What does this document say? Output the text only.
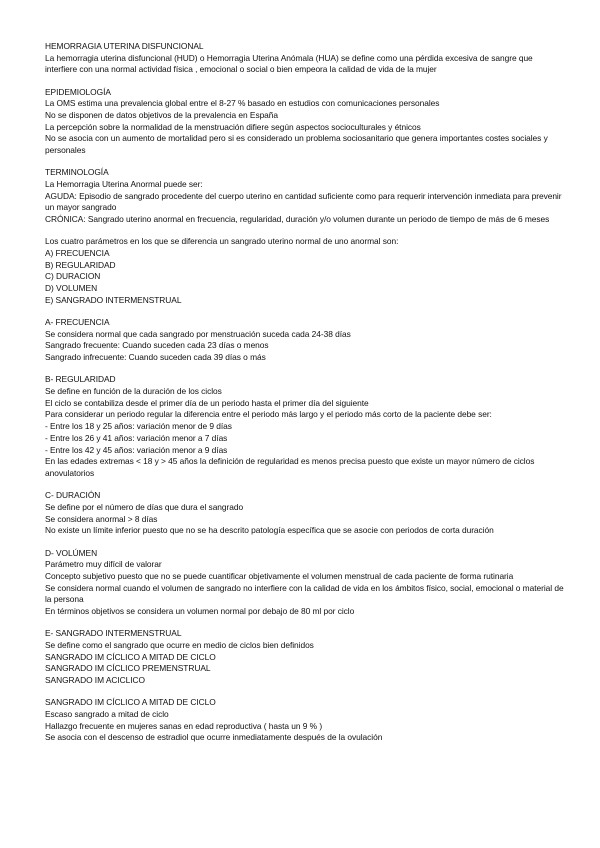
HEMORRAGIA UTERINA DISFUNCIONAL
La hemorragia uterina disfuncional (HUD) o Hemorragia Uterina Anómala (HUA) se define como una pérdida excesiva de sangre que interfiere con una normal actividad física , emocional o social o bien empeora la calidad de vida de la mujer
EPIDEMIOLOGÍA
La OMS estima una prevalencia global entre el 8-27 % basado en estudios con comunicaciones personales
No se disponen de datos objetivos de la prevalencia en España
La percepción sobre la normalidad de la menstruación difiere según aspectos socioculturales y étnicos
No se asocia con un aumento de mortalidad pero si es considerado un problema sociosanitario que genera importantes costes sociales y personales
TERMINOLOGÍA
La Hemorragia Uterina Anormal puede ser:
AGUDA: Episodio de sangrado procedente del cuerpo uterino en cantidad suficiente como para requerir intervención inmediata para prevenir un mayor sangrado
CRÓNICA: Sangrado uterino anormal en frecuencia, regularidad, duración y/o volumen durante un periodo de tiempo de más de 6 meses
Los cuatro parámetros en los que se diferencia un sangrado uterino normal de uno anormal son:
A) FRECUENCIA
B) REGULARIDAD
C) DURACION
D) VOLUMEN
E) SANGRADO INTERMENSTRUAL
A- FRECUENCIA
Se considera normal que cada sangrado por menstruación suceda cada 24-38 días
Sangrado frecuente: Cuando suceden cada 23 días o menos
Sangrado infrecuente: Cuando suceden cada 39 días o más
B- REGULARIDAD
Se define en función de la duración de los ciclos
El ciclo se contabiliza desde el primer día de un periodo hasta el primer día del siguiente
Para considerar un periodo regular la diferencia entre el periodo más largo y el periodo más corto de la paciente debe ser:
- Entre los 18 y 25 años: variación menor de 9 días
- Entre los 26 y 41 años: variación menor a 7 días
- Entre los 42 y 45 años: variación menor a 9 días
En las edades extremas < 18 y > 45 años la definición de regularidad es menos precisa puesto que existe un mayor número de ciclos anovulatorios
C- DURACIÓN
Se define por el número de días que dura el sangrado
Se considera anormal > 8 días
No existe un límite inferior puesto que no se ha descrito patología específica que se asocie con periodos de corta duración
D- VOLÚMEN
Parámetro muy difícil de valorar
Concepto subjetivo puesto que no se puede cuantificar objetivamente el volumen menstrual de cada paciente de forma rutinaria
Se considera normal cuando el volumen de sangrado no interfiere con la calidad de vida en los ámbitos físico, social, emocional o material de la persona
En términos objetivos se considera un volumen normal por debajo de 80 ml por ciclo
E- SANGRADO INTERMENSTRUAL
Se define como el sangrado que ocurre en medio de ciclos bien definidos
SANGRADO IM CÍCLICO A MITAD DE CICLO
SANGRADO IM CÍCLICO PREMENSTRUAL
SANGRADO IM ACICLICO
SANGRADO IM CÍCLICO A MITAD DE CICLO
Escaso sangrado a mitad de ciclo
Hallazgo frecuente en mujeres sanas en edad reproductiva ( hasta un 9 % )
Se asocia con el descenso de estradiol que ocurre inmediatamente después de la ovulación
